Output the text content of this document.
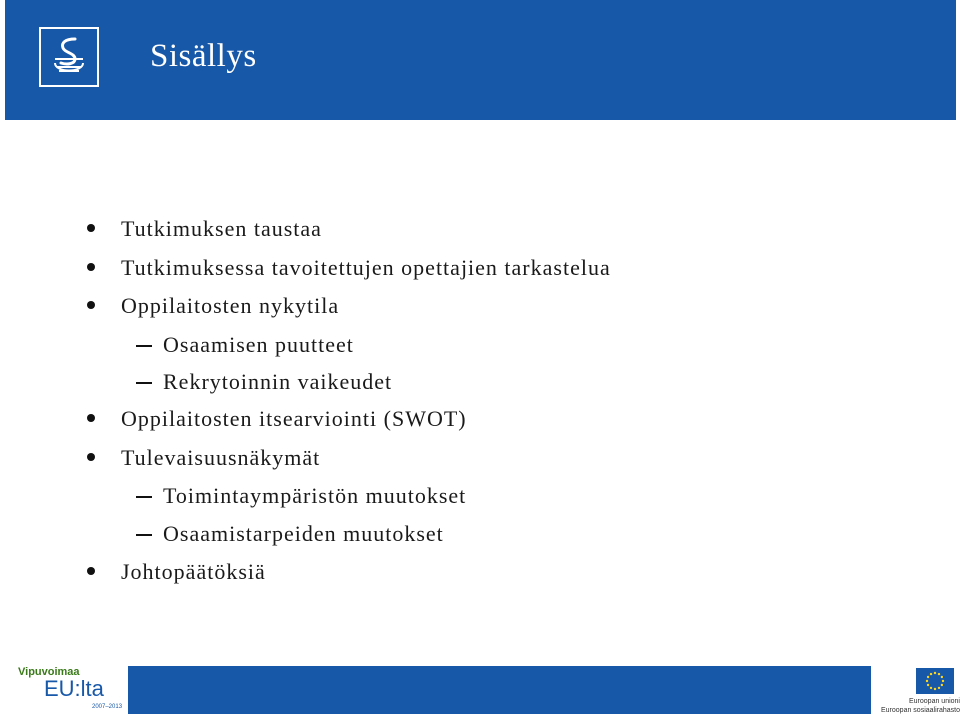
Sisällys
Tutkimuksen taustaa
Tutkimuksessa tavoitettujen opettajien tarkastelua
Oppilaitosten nykytila
Osaamisen puutteet
Rekrytoinnin vaikeudet
Oppilaitosten itsearviointi (SWOT)
Tulevaisuusnäkymät
Toimintaympäristön muutokset
Osaamistarpeiden muutokset
Johtopäätöksiä
Vipuvoimaa
EU:lta
2007–2013
Euroopan unioni
Euroopan sosiaalirahasto
